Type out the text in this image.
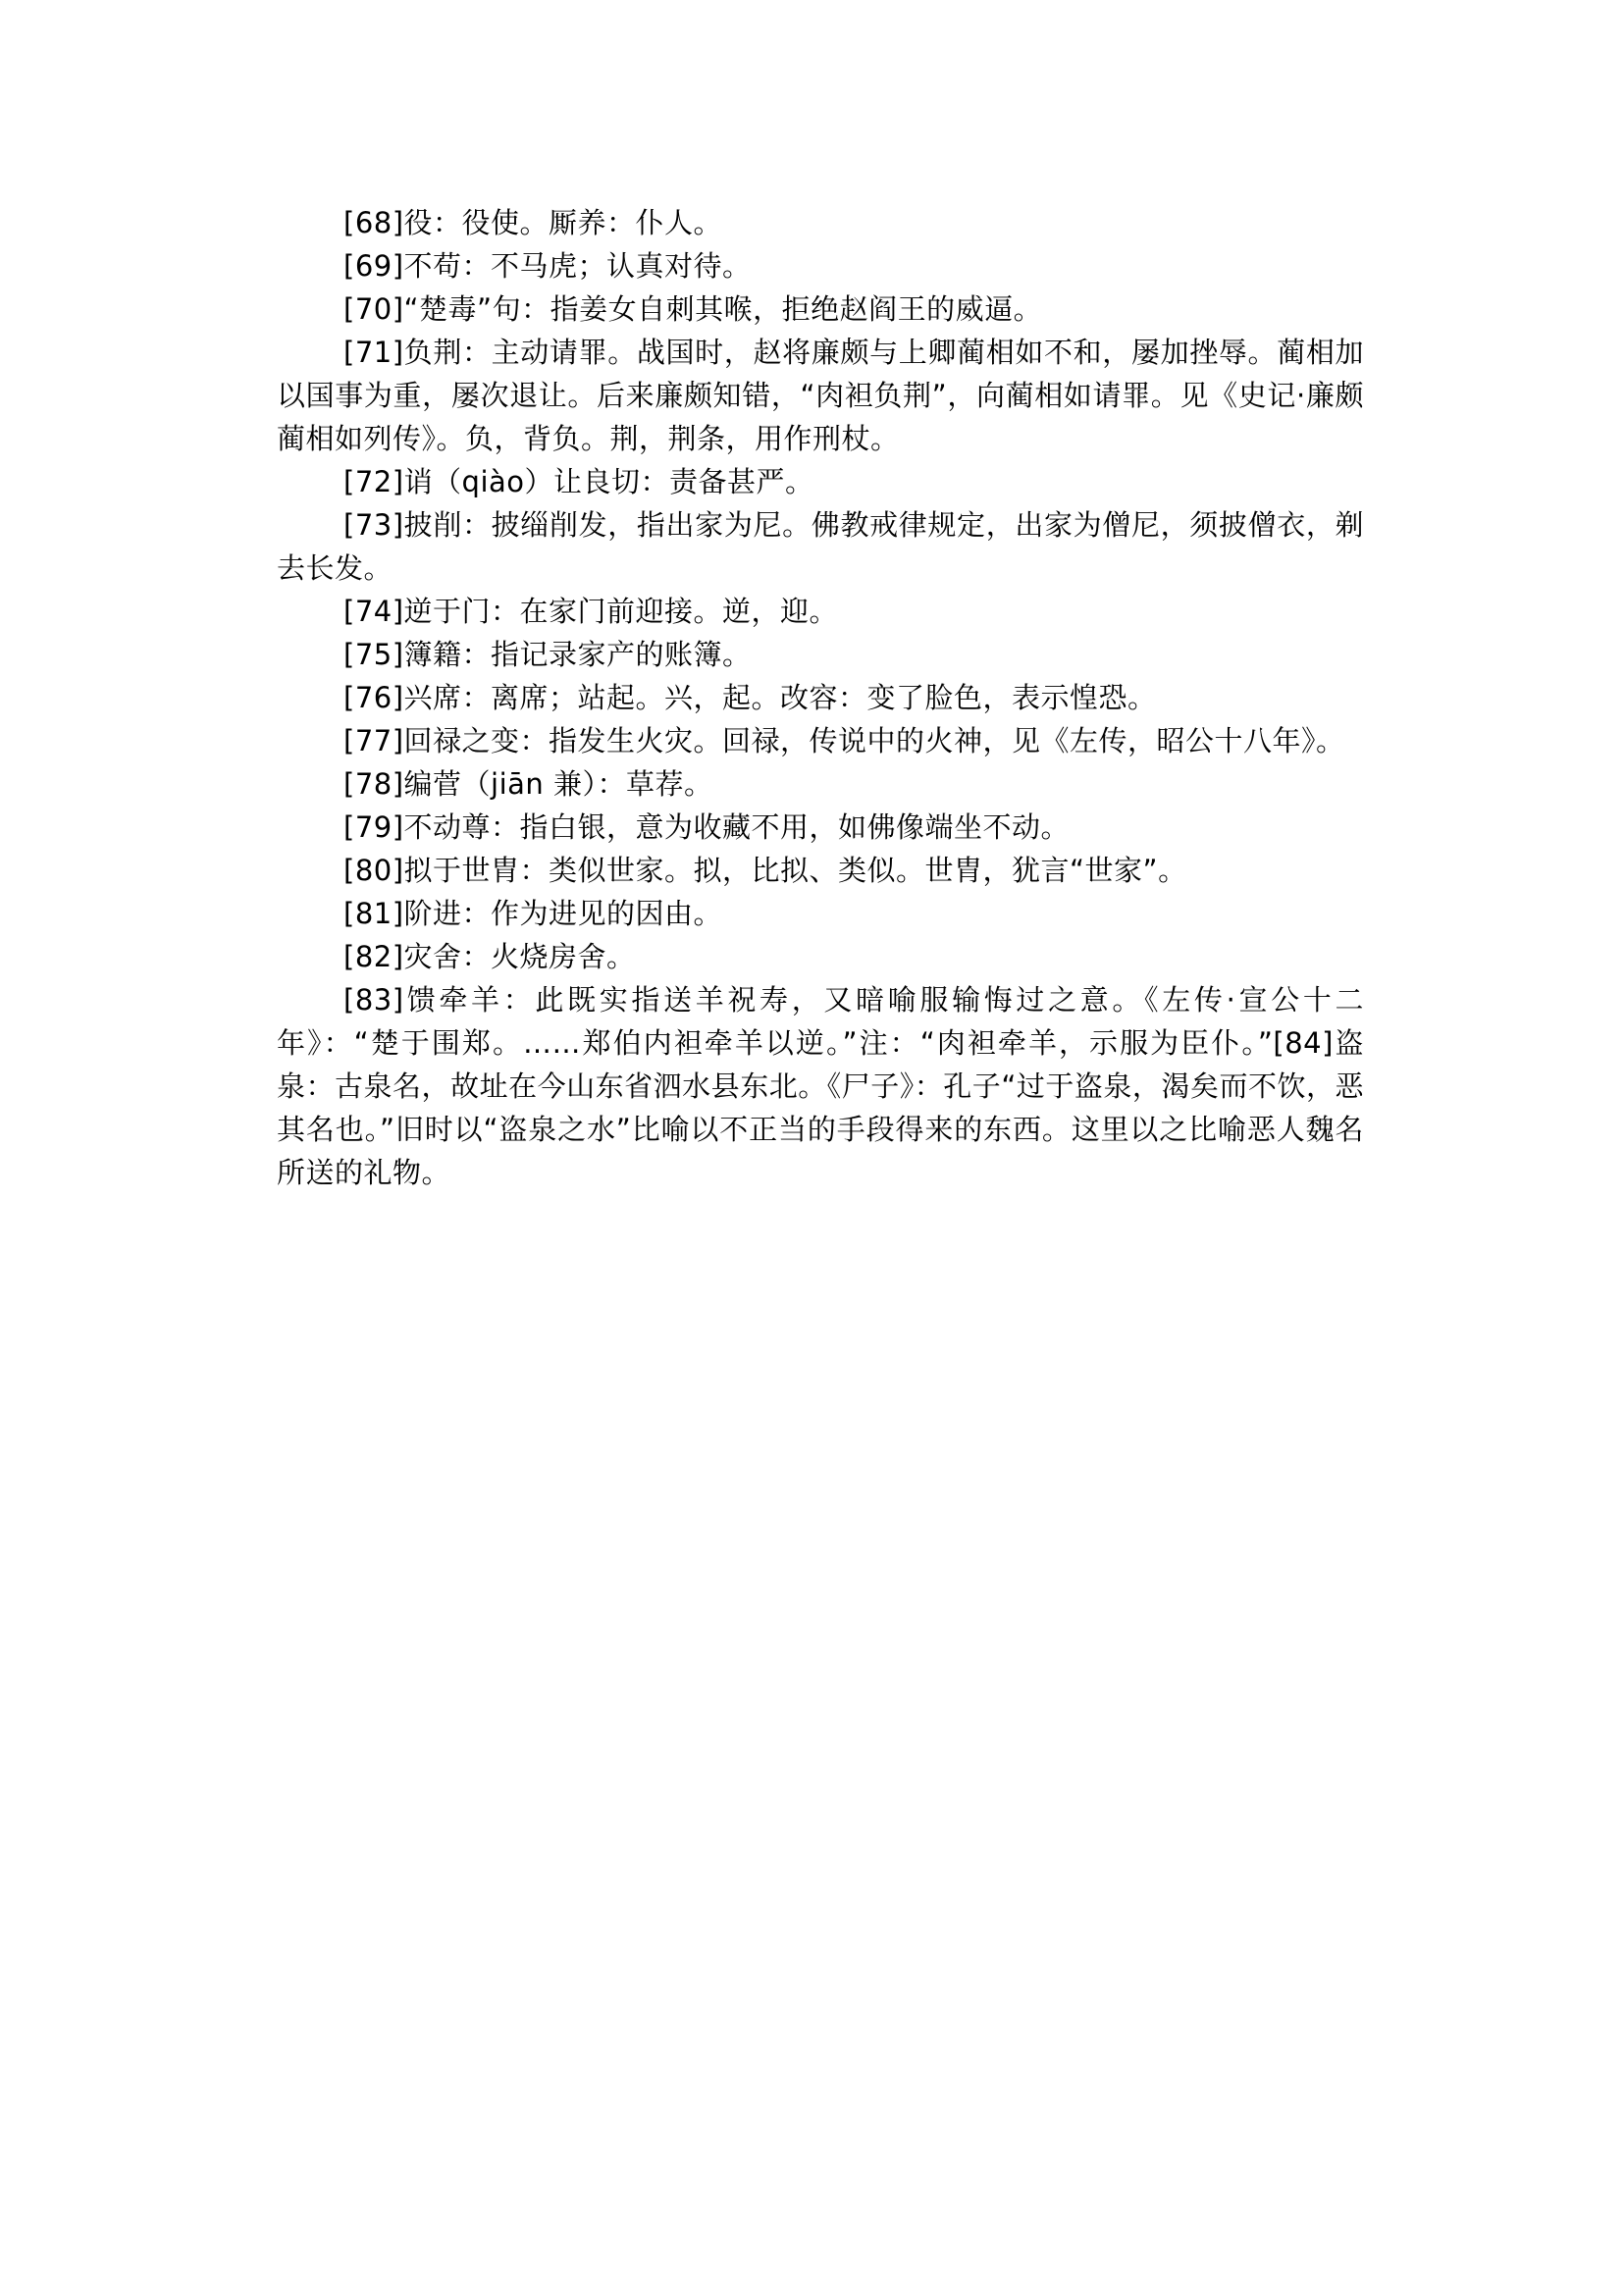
[68]役：役使。厮养：仆人。

[69]不苟：不马虎；认真对待。

[70]“楚毒”句：指姜女自刺其喉，拒绝赵阎王的威逼。

[71]负荆：主动请罪。战国时，赵将廉颇与上卿蔺相如不和，屡加挫辱。蔺相加以国事为重，屡次退让。后来廉颇知错，“肉袒负荆”，向蔺相如请罪。见《史记·廉颇蔺相如列传》。负，背负。荆，荆条，用作刑杖。

[72]诮（qiào）让良切：责备甚严。

[73]披削：披缁削发，指出家为尼。佛教戒律规定，出家为僧尼，须披僧衣，剃去长发。

[74]逆于门：在家门前迎接。逆，迎。

[75]簿籍：指记录家产的账簿。

[76]兴席：离席；站起。兴，起。改容：变了脸色，表示惶恐。

[77]回禄之变：指发生火灾。回禄，传说中的火神，见《左传，昭公十八年》。

[78]编菅（jiān 兼）：草荐。

[79]不动尊：指白银，意为收藏不用，如佛像端坐不动。

[80]拟于世胄：类似世家。拟，比拟、类似。世胄，犹言“世家”。

[81]阶进：作为进见的因由。

[82]灾舍：火烧房舍。

[83]馈牵羊：此既实指送羊祝寿，又暗喻服输悔过之意。《左传·宣公十二年》：“楚于围郑。……郑伯内袒牵羊以逆。”注：“肉袒牵羊，示服为臣仆。”[84]盗泉：古泉名，故址在今山东省泗水县东北。《尸子》：孔子“过于盗泉，渴矣而不饮，恶其名也。”旧时以“盗泉之水”比喻以不正当的手段得来的东西。这里以之比喻恶人魏名所送的礼物。
